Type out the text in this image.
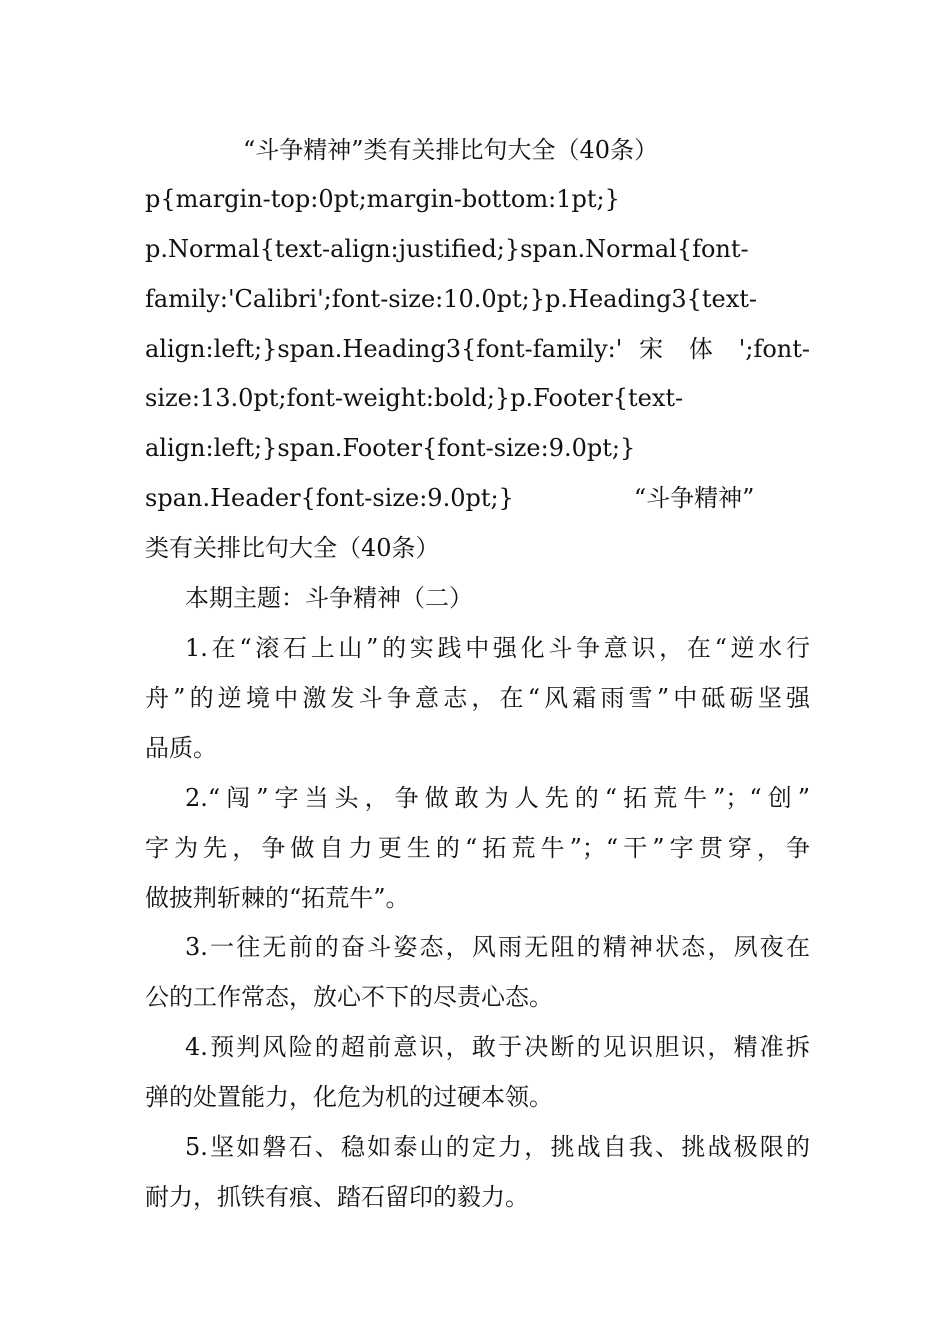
“斗争精神”类有关排比句大全（40条）
p{margin-top:0pt;margin-bottom:1pt;}
p.Normal{text-align:justified;}span.Normal{font-
family:'Calibri';font-size:10.0pt;}p.Heading3{text-
align:left;}span.Heading3{font-family:' 宋 体 ';font-
size:13.0pt;font-weight:bold;}p.Footer{text-
align:left;}span.Footer{font-size:9.0pt;}
span.Header{font-size:9.0pt;}	“斗争精神”
类有关排比句大全（40条）
本期主题：斗争精神（二）
1.在“滚石上山”的实践中强化斗争意识，在“逆水行
舟”的逆境中激发斗争意志，在“风霜雨雪”中砥砺坚强
品质。
2.“闯”字当头，争做敢为人先的“拓荒牛”；“创”
字为先，争做自力更生的“拓荒牛”；“干”字贯穿，争
做披荆斩棘的“拓荒牛”。
3.一往无前的奋斗姿态，风雨无阻的精神状态，夙夜在
公的工作常态，放心不下的尽责心态。
4.预判风险的超前意识，敢于决断的见识胆识，精准拆
弹的处置能力，化危为机的过硬本领。
5.坚如磐石、稳如泰山的定力，挑战自我、挑战极限的
耐力，抓铁有痕、踏石留印的毅力。
